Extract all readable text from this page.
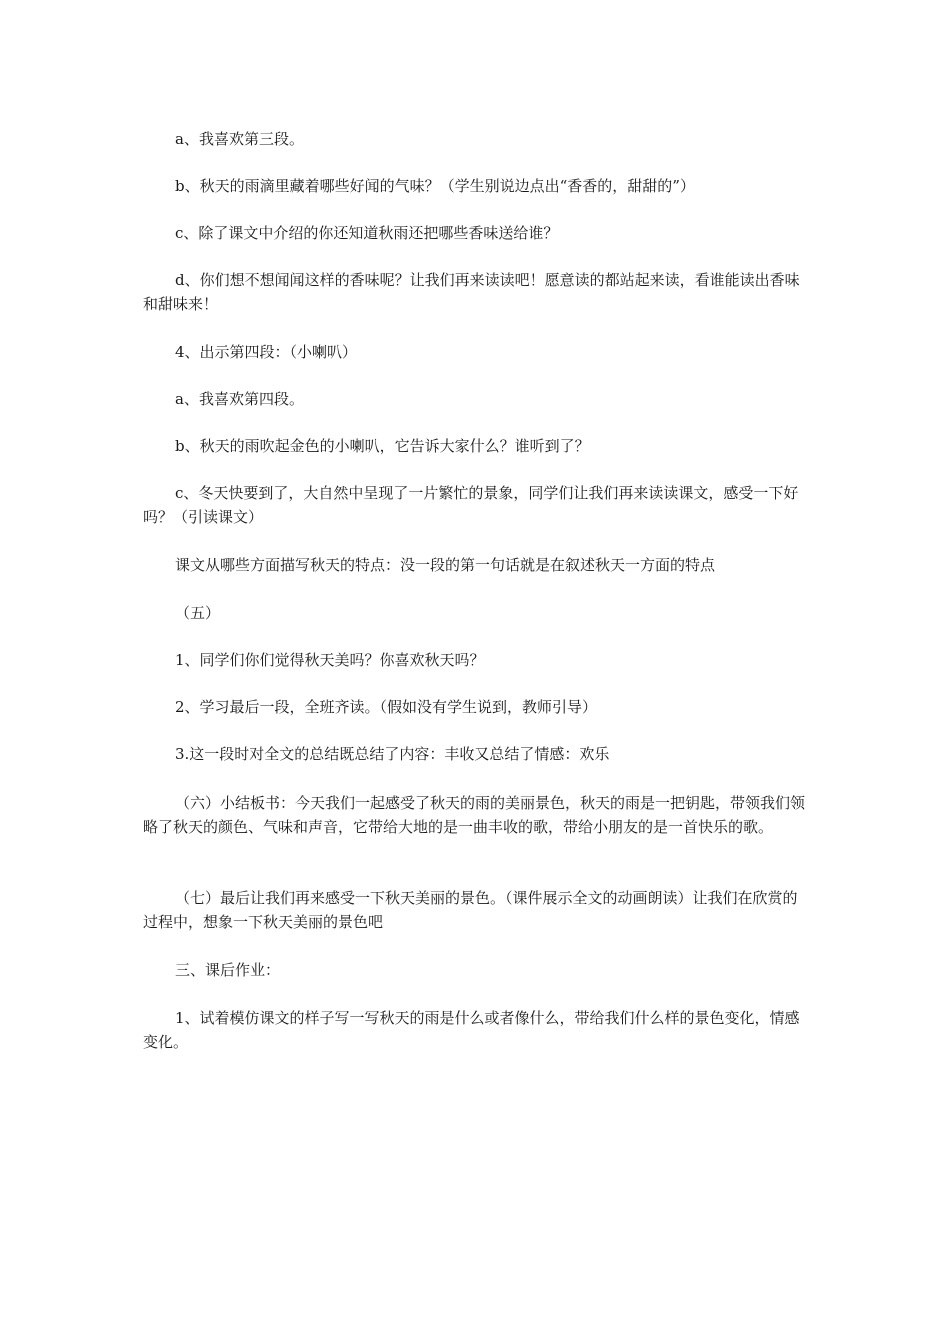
a、我喜欢第三段。

b、秋天的雨滴里藏着哪些好闻的气味？（学生别说边点出“香香的，甜甜的”）

c、除了课文中介绍的你还知道秋雨还把哪些香味送给谁？

d、你们想不想闻闻这样的香味呢？让我们再来读读吧！愿意读的都站起来读，看谁能读出香味和甜味来！

4、出示第四段：（小喇叭）

a、我喜欢第四段。

b、秋天的雨吹起金色的小喇叭，它告诉大家什么？谁听到了？

c、冬天快要到了，大自然中呈现了一片繁忙的景象，同学们让我们再来读读课文，感受一下好吗？（引读课文）

课文从哪些方面描写秋天的特点：没一段的第一句话就是在叙述秋天一方面的特点

（五）

1、同学们你们觉得秋天美吗？你喜欢秋天吗？

2、学习最后一段，全班齐读。（假如没有学生说到，教师引导）

3.这一段时对全文的总结既总结了内容：丰收又总结了情感：欢乐

（六）小结板书：今天我们一起感受了秋天的雨的美丽景色，秋天的雨是一把钥匙，带领我们领略了秋天的颜色、气味和声音，它带给大地的是一曲丰收的歌，带给小朋友的是一首快乐的歌。

（七）最后让我们再来感受一下秋天美丽的景色。（课件展示全文的动画朗读）让我们在欣赏的过程中，想象一下秋天美丽的景色吧

三、课后作业：

1、试着模仿课文的样子写一写秋天的雨是什么或者像什么，带给我们什么样的景色变化，情感变化。
